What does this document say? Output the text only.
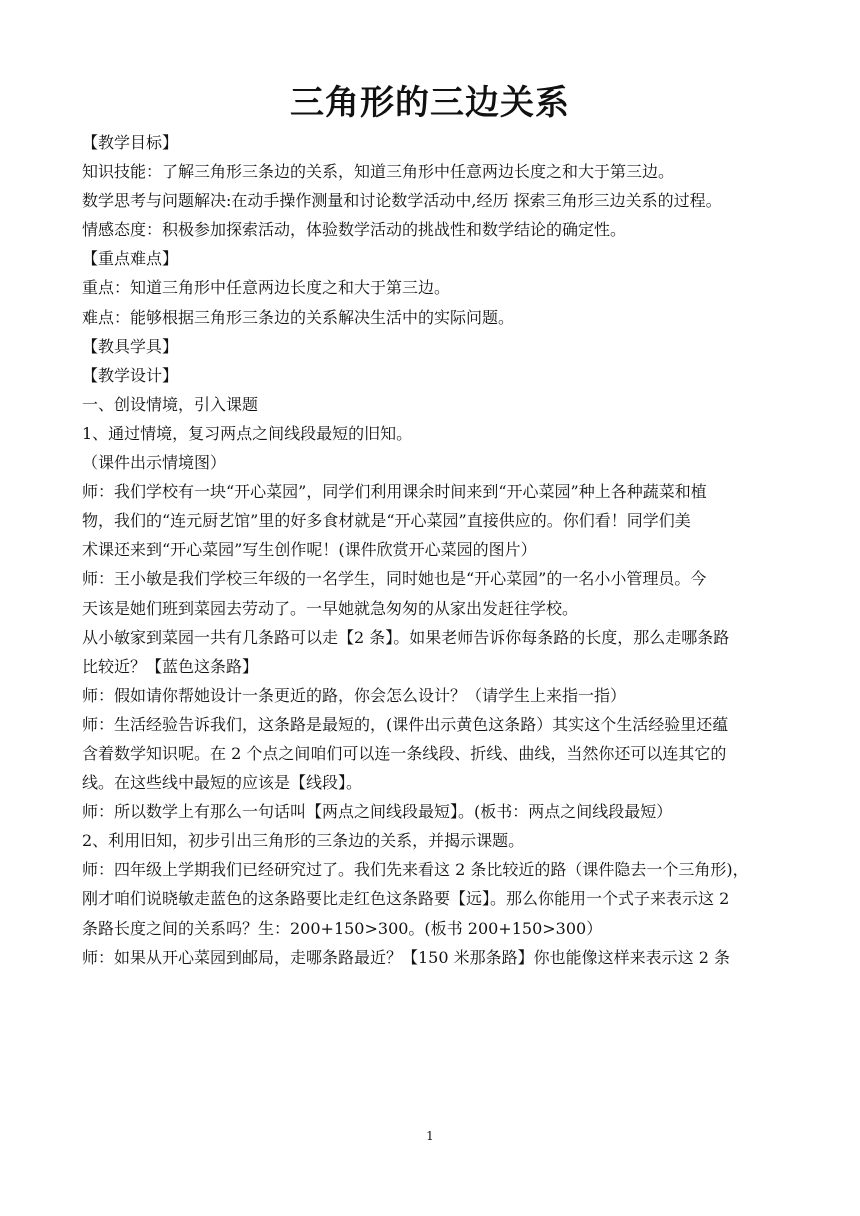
三角形的三边关系

【教学目标】

知识技能：了解三角形三条边的关系，知道三角形中任意两边长度之和大于第三边。

数学思考与问题解决:在动手操作测量和讨论数学活动中,经历 探索三角形三边关系的过程。

情感态度：积极参加探索活动，体验数学活动的挑战性和数学结论的确定性。

【重点难点】

重点：知道三角形中任意两边长度之和大于第三边。

难点：能够根据三角形三条边的关系解决生活中的实际问题。

【教具学具】

【教学设计】

一、创设情境，引入课题

1、通过情境，复习两点之间线段最短的旧知。

（课件出示情境图）

师：我们学校有一块“开心菜园”，同学们利用课余时间来到“开心菜园”种上各种蔬菜和植

物，我们的“连元厨艺馆”里的好多食材就是“开心菜园”直接供应的。你们看！同学们美

术课还来到“开心菜园”写生创作呢！(课件欣赏开心菜园的图片）

师：王小敏是我们学校三年级的一名学生，同时她也是“开心菜园”的一名小小管理员。今

天该是她们班到菜园去劳动了。一早她就急匆匆的从家出发赶往学校。

从小敏家到菜园一共有几条路可以走【2 条】。如果老师告诉你每条路的长度，那么走哪条路

比较近？【蓝色这条路】

师：假如请你帮她设计一条更近的路，你会怎么设计？（请学生上来指一指）

师：生活经验告诉我们，这条路是最短的，(课件出示黄色这条路）其实这个生活经验里还蕴

含着数学知识呢。在 2 个点之间咱们可以连一条线段、折线、曲线，当然你还可以连其它的

线。在这些线中最短的应该是【线段】。

师：所以数学上有那么一句话叫【两点之间线段最短】。(板书：两点之间线段最短）

2、利用旧知，初步引出三角形的三条边的关系，并揭示课题。

师：四年级上学期我们已经研究过了。我们先来看这 2 条比较近的路（课件隐去一个三角形)，

刚才咱们说晓敏走蓝色的这条路要比走红色这条路要【远】。那么你能用一个式子来表示这 2

条路长度之间的关系吗？生：200+150>300。(板书 200+150>300）

师：如果从开心菜园到邮局，走哪条路最近？【150 米那条路】你也能像这样来表示这 2 条

1
